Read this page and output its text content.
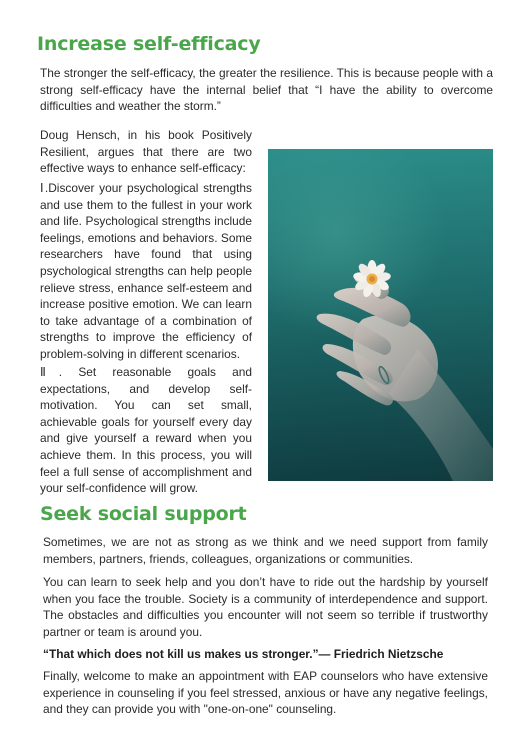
Increase self-efficacy

The stronger the self-efficacy, the greater the resilience. This is because people with a strong self-efficacy have the internal belief that “I have the ability to overcome difficulties and weather the storm.”

Doug Hensch, in his book Positively Resilient, argues that there are two effective ways to enhance self-efficacy:

Ⅰ.Discover your psychological strengths and use them to the fullest in your work and life. Psychological strengths include feelings, emotions and behaviors. Some researchers have found that using psychological strengths can help people relieve stress, enhance self-esteem and increase positive emotion. We can learn to take advantage of a combination of strengths to improve the efficiency of problem-solving in different scenarios.

Ⅱ. Set reasonable goals and expectations, and develop self-motivation. You can set small, achievable goals for yourself every day and give yourself a reward when you achieve them. In this process, you will feel a full sense of accomplishment and your self-confidence will grow.

Seek social support

Sometimes, we are not as strong as we think and we need support from family members, partners, friends, colleagues, organizations or communities.

You can learn to seek help and you don’t have to ride out the hardship by yourself when you face the trouble. Society is a community of interdependence and support. The obstacles and difficulties you encounter will not seem so terrible if trustworthy partner or team is around you.

“That which does not kill us makes us stronger.”— Friedrich Nietzsche

Finally, welcome to make an appointment with EAP counselors who have extensive experience in counseling if you feel stressed, anxious or have any negative feelings, and they can provide you with "one-on-one" counseling.
